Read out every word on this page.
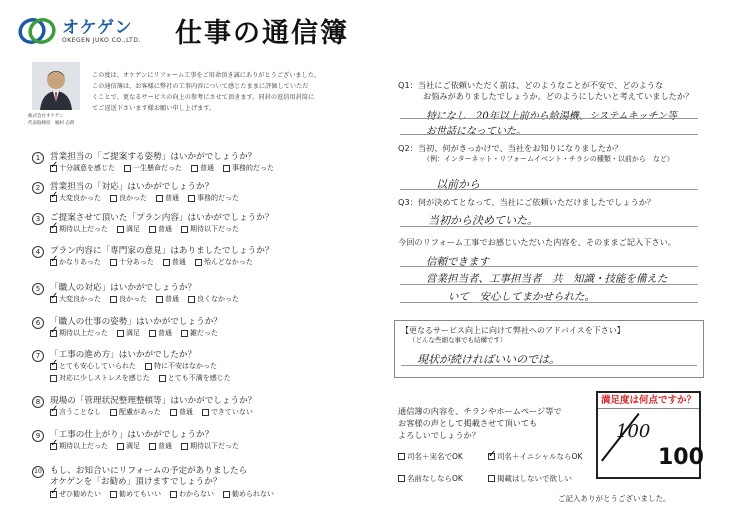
オケゲン
OKEGEN JUKO CO.,LTD. 仕事の通信簿
株式会社オケゲン
代表取締役　桶村 志朗
この度は、オケゲンにリフォーム工事をご用命頂き誠にありがとうございました。
この通信簿は、お客様に弊社の工事内容について感じたままに評価していただ
くことで、更なるサービスの向上の参考にさせて頂きます。同封の返信用封筒に
てご返送下さいます様お願い申し上げます。
1	営業担当の「ご提案する姿勢」はいかがでしょうか？
✓
十分誠意を感じた	一生懸命だった	普通	事務的だった
2	営業担当の「対応」はいかがでしょうか？
✓
大変良かった	良かった	普通	事務的だった
3	ご提案させて頂いた「プラン内容」はいかがでしょうか？
✓
期待以上だった	満足	普通	期待以下だった
4	プラン内容に「専門家の意見」はありましたでしょうか？
✓
かなりあった	十分あった	普通	殆んどなかった
5	「職人の対応」はいかがでしょうか？
✓
大変良かった	良かった	普通	良くなかった
6	「職人の仕事の姿勢」はいかがでしょうか？
✓
期待以上だった	満足	普通	雑だった
7	「工事の進め方」はいかがでしたか？
✓
とても安心していられた	特に不安はなかった
対応に少しストレスを感じた	とても不満を感じた
8	現場の「管理状況整理整頓等」はいかがでしょうか？
✓
言うことなし	配慮があった	普通	できていない
9	「工事の仕上がり」はいかがでしょうか？
✓
期待以上だった	満足	普通	期待以下だった
10 もし、お知合いにリフォームの予定がありましたら
オケゲンを「お勧め」頂けますでしょうか？
✓
ぜひ勧めたい	勧めてもいい	わからない	勧められない
Q1：当社にご依頼いただく前は、どのようなことが不安で、どのような
お悩みがありましたでしょうか。どのようにしたいと考えていましたか？
特になし　20年以上前から給湯機、システムキッチン等
お世話になっていた。
Q2：当初、何がきっかけで、当社をお知りになりましたか？
（例：インターネット・リフォームイベント・チラシの種類・以前から　など）
以前から
Q3：何が決めてとなって、当社にご依頼いただけましたでしょうか？
当初から決めていた。
今回のリフォーム工事でお感じいただいた内容を、そのままご記入下さい。
信頼できます
営業担当者、工事担当者　共　知識・技能を備えた
いて　安心してまかせられた。
【更なるサービス向上に向けて弊社へのアドバイスを下さい】
（どんな些細な事でも結構です）
現状が続ければいいのでは。
通信簿の内容を、チラシやホームページ等で
お客様の声として掲載させて頂いても
よろしいでしょうか？
司名＋実名でOK
✓	司名＋イニシャルならOK
名前なしならOK	掲載はしないで欲しい
満足度は何点ですか？
100
100
ご記入ありがとうございました。
